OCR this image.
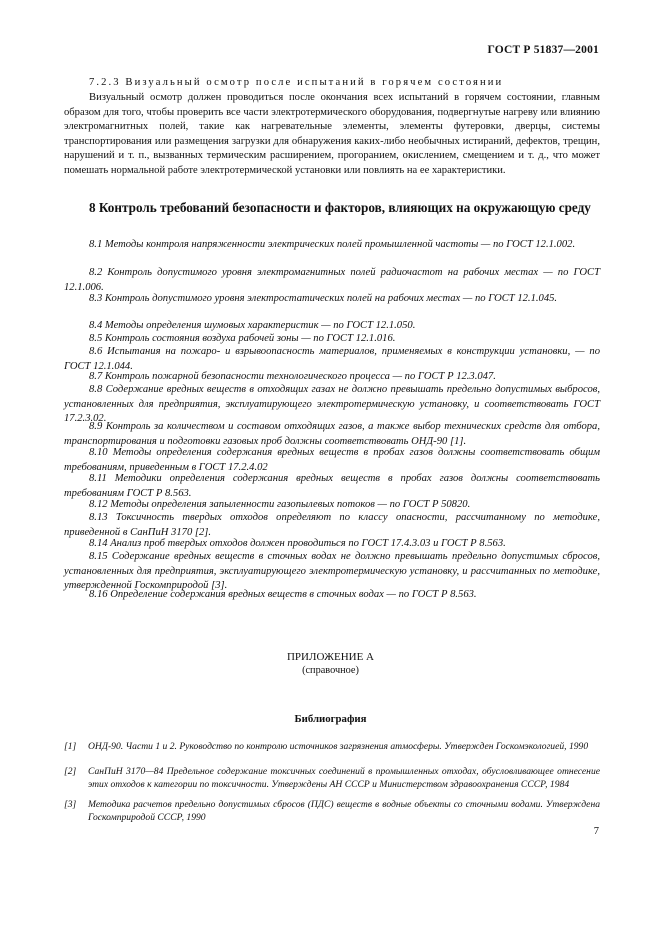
ГОСТ Р 51837—2001

7.2.3 Визуальный осмотр после испытаний в горячем состоянии

Визуальный осмотр должен проводиться после окончания всех испытаний в горячем состоянии, главным образом для того, чтобы проверить все части электротермического оборудования, подвергнутые нагреву или влиянию электромагнитных полей, такие как нагревательные элементы, элементы футеровки, дверцы, системы транспортирования или размещения загрузки для обнаружения каких-либо необычных истираний, дефектов, трещин, нарушений и т. п., вызванных термическим расширением, прогоранием, окислением, смещением и т. д., что может помешать нормальной работе электротермической установки или повлиять на ее характеристики.

8 Контроль требований безопасности и факторов, влияющих на окружающую среду

8.1 Методы контроля напряженности электрических полей промышленной частоты — по ГОСТ 12.1.002.

8.2 Контроль допустимого уровня электромагнитных полей радиочастот на рабочих местах — по ГОСТ 12.1.006.

8.3 Контроль допустимого уровня электростатических полей на рабочих местах — по ГОСТ 12.1.045.

8.4 Методы определения шумовых характеристик — по ГОСТ 12.1.050.

8.5 Контроль состояния воздуха рабочей зоны — по ГОСТ 12.1.016.

8.6 Испытания на пожаро- и взрывоопасность материалов, применяемых в конструкции установки, — по ГОСТ 12.1.044.

8.7 Контроль пожарной безопасности технологического процесса — по ГОСТ Р 12.3.047.

8.8 Содержание вредных веществ в отходящих газах не должно превышать предельно допустимых выбросов, установленных для предприятия, эксплуатирующего электротермическую установку, и соответствовать ГОСТ 17.2.3.02.

8.9 Контроль за количеством и составом отходящих газов, а также выбор технических средств для отбора, транспортирования и подготовки газовых проб должны соответствовать ОНД-90 [1].

8.10 Методы определения содержания вредных веществ в пробах газов должны соответствовать общим требованиям, приведенным в ГОСТ 17.2.4.02

8.11 Методики определения содержания вредных веществ в пробах газов должны соответствовать требованиям ГОСТ Р 8.563.

8.12 Методы определения запыленности газопылевых потоков — по ГОСТ Р 50820.

8.13 Токсичность твердых отходов определяют по классу опасности, рассчитанному по методике, приведенной в СанПиН 3170 [2].

8.14 Анализ проб твердых отходов должен проводиться по ГОСТ 17.4.3.03 и ГОСТ Р 8.563.

8.15 Содержание вредных веществ в сточных водах не должно превышать предельно допустимых сбросов, установленных для предприятия, эксплуатирующего электротермическую установку, и рассчитанных по методике, утвержденной Госкомприродой [3].

8.16 Определение содержания вредных веществ в сточных водах — по ГОСТ Р 8.563.

ПРИЛОЖЕНИЕ А
(справочное)
Библиография
[1]	ОНД-90. Части 1 и 2. Руководство по контролю источников загрязнения атмосферы. Утвержден Госкомэкологией, 1990
[2]	СанПиН 3170—84 Предельное содержание токсичных соединений в промышленных отходах, обусловливающее отнесение этих отходов к категории по токсичности. Утверждены АН СССР и Министерством здравоохранения СССР, 1984
[3]	Методика расчетов предельно допустимых сбросов (ПДС) веществ в водные объекты со сточными водами. Утверждена Госкомприродой СССР, 1990
7
